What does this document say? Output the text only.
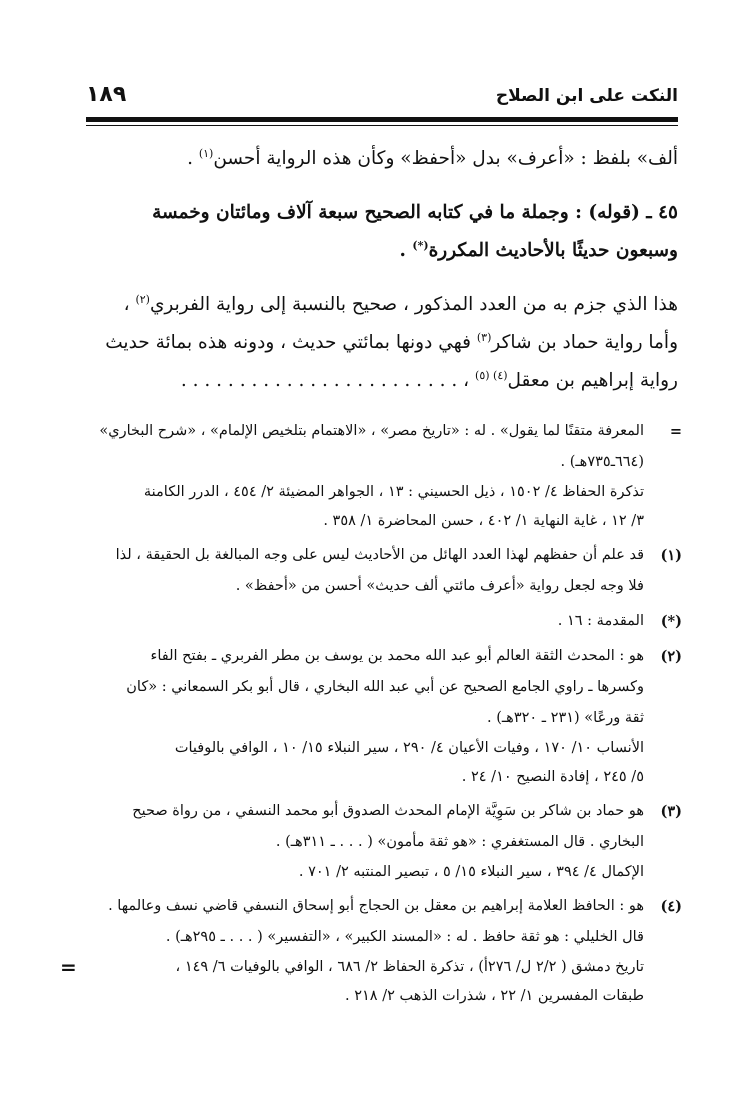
النكت على ابن الصلاح
١٨٩
ألف» بلفظ : «أعرف» بدل «أحفظ» وكأن هذه الرواية أحسن$^{(١)}$ .
٤٥ ـ (قوله) : وجملة ما في كتابه الصحيح سبعة آلاف ومائتان وخمسة
وسبعون حديثًا بالأحاديث المكررة(*) .
هذا الذي جزم به من العدد المذكور ، صحيح بالنسبة إلى رواية الفربري$^{(٢)}$ ،
وأما رواية حماد بن شاكر$^{(٣)}$ فهي دونها بمائتي حديث ، ودونه هذه بمائة حديث
رواية إبراهيم بن معقل$^{(٤) (٥)}$ ، . . . . . . . . . . . . . . . . . . . . . . . .
=
المعرفة متقنًا لما يقول» . له : «تاريخ مصر» ، «الاهتمام بتلخيص الإلمام» ، «شرح البخاري»
(٦٦٤ـ٧٣٥هـ) .
تذكرة الحفاظ ٤/ ١٥٠٢ ، ذيل الحسيني : ١٣ ، الجواهر المضيئة ٢/ ٤٥٤ ، الدرر الكامنة
٣/ ١٢ ، غاية النهاية ١/ ٤٠٢ ، حسن المحاضرة ١/ ٣٥٨ .
(١)
قد علم أن حفظهم لهذا العدد الهائل من الأحاديث ليس على وجه المبالغة بل الحقيقة ، لذا
فلا وجه لجعل رواية «أعرف مائتي ألف حديث» أحسن من «أحفظ» .
(*)
المقدمة : ١٦ .
(٢)
هو : المحدث الثقة العالم أبو عبد الله محمد بن يوسف بن مطر الفربري ـ بفتح الفاء
وكسرها ـ راوي الجامع الصحيح عن أبي عبد الله البخاري ، قال أبو بكر السمعاني : «كان
ثقة ورعًا» (٢٣١ ـ ٣٢٠هـ) .
الأنساب ١٠/ ١٧٠ ، وفيات الأعيان ٤/ ٢٩٠ ، سير النبلاء ١٥/ ١٠ ، الوافي بالوفيات
٥/ ٢٤٥ ، إفادة النصيح ١٠/ ٢٤ .
(٣)
هو حماد بن شاكر بن سَوِيَّة الإمام المحدث الصدوق أبو محمد النسفي ، من رواة صحيح
البخاري . قال المستغفري : «هو ثقة مأمون» ( . . . ـ ٣١١هـ) .
الإكمال ٤/ ٣٩٤ ، سير النبلاء ١٥/ ٥ ، تبصير المنتبه ٢/ ٧٠١ .
(٤)
هو : الحافظ العلامة إبراهيم بن معقل بن الحجاج أبو إسحاق النسفي قاضي نسف وعالمها .
قال الخليلي : هو ثقة حافظ . له : «المسند الكبير» ، «التفسير» ( . . . ـ ٢٩٥هـ) .
تاريخ دمشق ( ٢/٢ ل/ ٢٧٦أ) ، تذكرة الحفاظ ٢/ ٦٨٦ ، الوافي بالوفيات ٦/ ١٤٩ ،
طبقات المفسرين ١/ ٢٢ ، شذرات الذهب ٢/ ٢١٨ .
=
